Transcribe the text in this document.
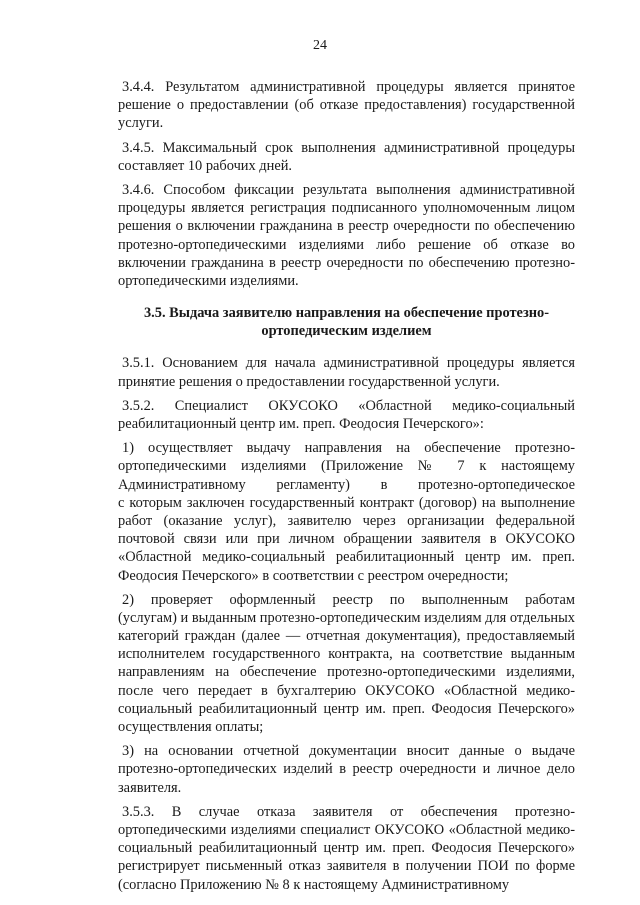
24
3.4.4. Результатом административной процедуры является принятое
решение о предоставлении (об отказе предоставления) государственной
услуги.
3.4.5. Максимальный срок выполнения административной процедуры
составляет 10 рабочих дней.
3.4.6. Способом фиксации результата выполнения административной
процедуры является регистрация подписанного уполномоченным лицом
решения о включении гражданина в реестр очередности по обеспечению
протезно-ортопедическими изделиями либо решение об отказе во
включении гражданина в реестр очередности по обеспечению протезно-
ортопедическими изделиями.
3.5. Выдача заявителю направления на обеспечение протезно-
ортопедическим изделием
3.5.1. Основанием для начала административной процедуры является
принятие решения о предоставлении государственной услуги.
3.5.2. Специалист ОКУСОКО «Областной медико-социальный
реабилитационный центр им. преп. Феодосия Печерского»:
1) осуществляет выдачу направления на обеспечение протезно-
ортопедическими изделиями (Приложение № 7 к настоящему
Административному регламенту) в протезно-ортопедическое
с которым заключен государственный контракт (договор) на выполнение
работ (оказание услуг), заявителю через организации федеральной
почтовой связи или при личном обращении заявителя в ОКУСОКО
«Областной медико-социальный реабилитационный центр им. преп.
Феодосия Печерского» в соответствии с реестром очередности;
2) проверяет оформленный реестр по выполненным работам
(услугам) и выданным протезно-ортопедическим изделиям для отдельных
категорий граждан (далее — отчетная документация), предоставляемый
исполнителем государственного контракта, на соответствие выданным
направлениям на обеспечение протезно-ортопедическими изделиями,
после чего передает в бухгалтерию ОКУСОКО «Областной медико-
социальный реабилитационный центр им. преп. Феодосия Печерского»
осуществления оплаты;
3) на основании отчетной документации вносит данные о выдаче
протезно-ортопедических изделий в реестр очередности и личное дело
заявителя.
3.5.3. В случае отказа заявителя от обеспечения протезно-
ортопедическими изделиями специалист ОКУСОКО «Областной медико-
социальный реабилитационный центр им. преп. Феодосия Печерского»
регистрирует письменный отказ заявителя в получении ПОИ по форме
(согласно Приложению № 8 к настоящему Административному
